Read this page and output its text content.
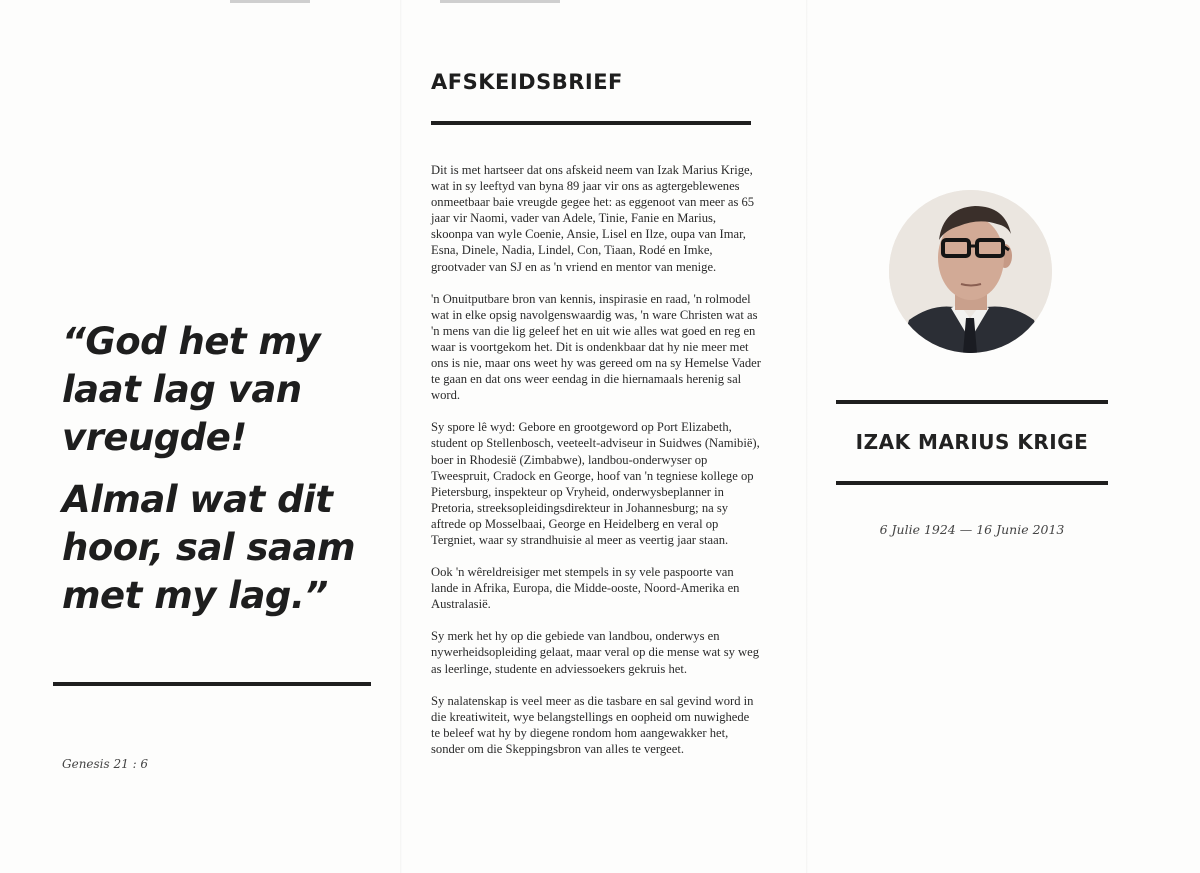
“God het my laat lag van vreugde!

Almal wat dit hoor, sal saam met my lag.”

Genesis 21 : 6
AFSKEIDSBRIEF

Dit is met hartseer dat ons afskeid neem van Izak Marius Krige, wat in sy leeftyd van byna 89 jaar vir ons as agtergeblewenes onmeetbaar baie vreugde gegee het: as eggenoot van meer as 65 jaar vir Naomi, vader van Adele, Tinie, Fanie en Marius, skoonpa van wyle Coenie, Ansie, Lisel en Ilze, oupa van Imar, Esna, Dinele, Nadia, Lindel, Con, Tiaan, Rodé en Imke, grootvader van SJ en as 'n vriend en mentor van menige.

'n Onuitputbare bron van kennis, inspirasie en raad, 'n rolmodel wat in elke opsig navolgenswaardig was, 'n ware Christen wat as 'n mens van die lig geleef het en uit wie alles wat goed en reg en waar is voortgekom het. Dit is ondenkbaar dat hy nie meer met ons is nie, maar ons weet hy was gereed om na sy Hemelse Vader te gaan en dat ons weer eendag in die hiernamaals herenig sal word.

Sy spore lê wyd: Gebore en grootgeword op Port Elizabeth, student op Stellenbosch, veeteelt-adviseur in Suidwes (Namibië), boer in Rhodesië (Zimbabwe), landbou-onderwyser op Tweespruit, Cradock en George, hoof van 'n tegniese kollege op Pietersburg, inspekteur op Vryheid, onderwysbeplanner in Pretoria, streeksopleidingsdirekteur in Johannesburg; na sy aftrede op Mosselbaai, George en Heidelberg en veral op Tergniet, waar sy strandhuisie al meer as veertig jaar staan.

Ook 'n wêreldreisiger met stempels in sy vele paspoorte van lande in Afrika, Europa, die Midde-ooste, Noord-Amerika en Australasië.

Sy merk het hy op die gebiede van landbou, onderwys en nywerheidsopleiding gelaat, maar veral op die mense wat sy weg as leerlinge, studente en adviessoekers gekruis het.

Sy nalatenskap is veel meer as die tasbare en sal gevind word in die kreatiwiteit, wye belangstellings en oopheid om nuwighede te beleef wat hy by diegene rondom hom aangewakker het, sonder om die Skeppingsbron van alles te vergeet.

IZAK MARIUS KRIGE
6 Julie 1924 — 16 Junie 2013
